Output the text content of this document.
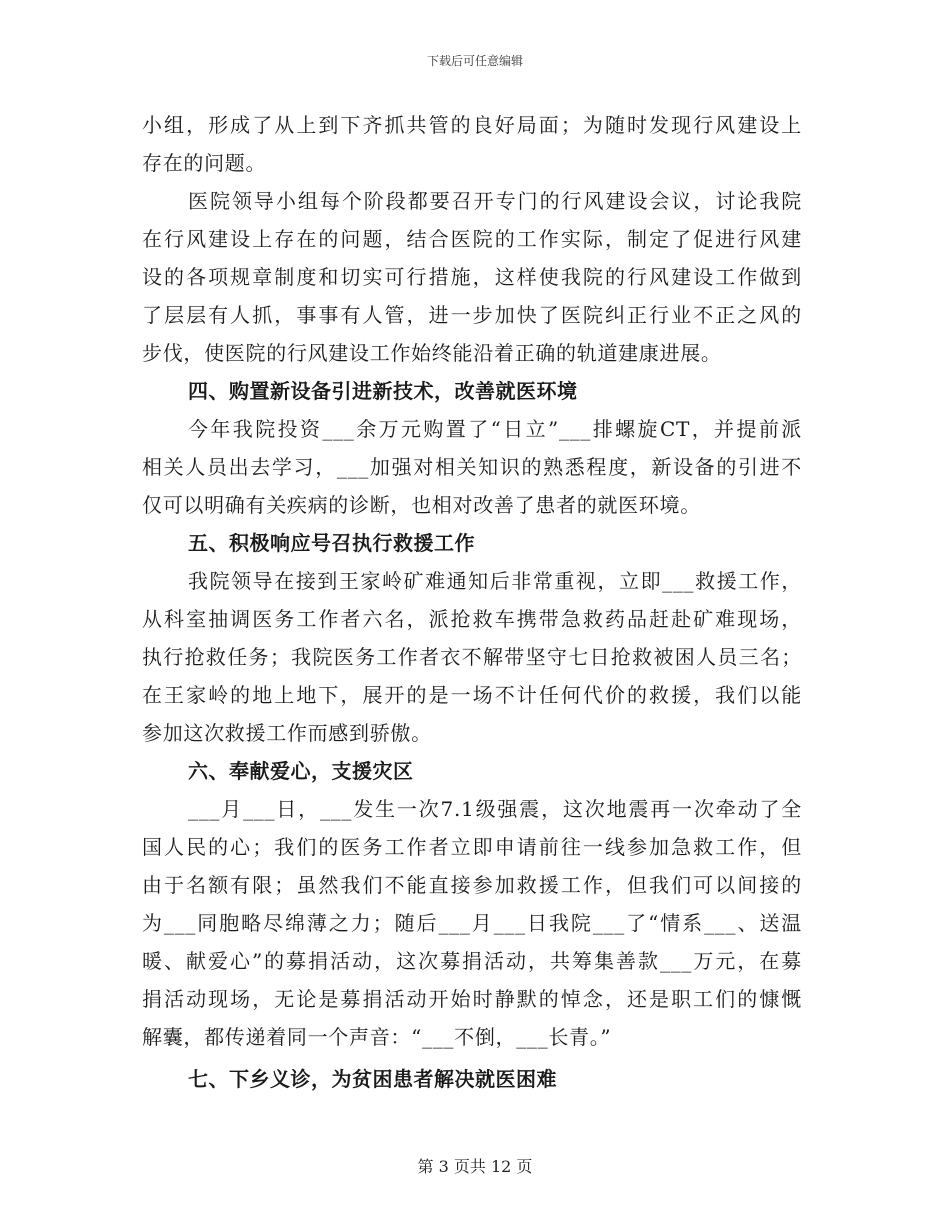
下载后可任意编辑
小组，形成了从上到下齐抓共管的良好局面；为随时发现行风建设上
存在的问题。
医院领导小组每个阶段都要召开专门的行风建设会议，讨论我院
在行风建设上存在的问题，结合医院的工作实际，制定了促进行风建
设的各项规章制度和切实可行措施，这样使我院的行风建设工作做到
了层层有人抓，事事有人管，进一步加快了医院纠正行业不正之风的
步伐，使医院的行风建设工作始终能沿着正确的轨道建康进展。
四、购置新设备引进新技术，改善就医环境
今年我院投资___余万元购置了“日立”___排螺旋CT，并提前派
相关人员出去学习，___加强对相关知识的熟悉程度，新设备的引进不
仅可以明确有关疾病的诊断，也相对改善了患者的就医环境。
五、积极响应号召执行救援工作
我院领导在接到王家岭矿难通知后非常重视，立即___救援工作，
从科室抽调医务工作者六名，派抢救车携带急救药品赶赴矿难现场，
执行抢救任务；我院医务工作者衣不解带坚守七日抢救被困人员三名；
在王家岭的地上地下，展开的是一场不计任何代价的救援，我们以能
参加这次救援工作而感到骄傲。
六、奉献爱心，支援灾区
___月___日，___发生一次7.1级强震，这次地震再一次牵动了全
国人民的心；我们的医务工作者立即申请前往一线参加急救工作，但
由于名额有限；虽然我们不能直接参加救援工作，但我们可以间接的
为___同胞略尽绵薄之力；随后___月___日我院___了“情系___、送温
暖、献爱心”的募捐活动，这次募捐活动，共筹集善款___万元，在募
捐活动现场，无论是募捐活动开始时静默的悼念，还是职工们的慷慨
解囊，都传递着同一个声音：“___不倒，___长青。”
七、下乡义诊，为贫困患者解决就医困难
第 3 页共 12 页
